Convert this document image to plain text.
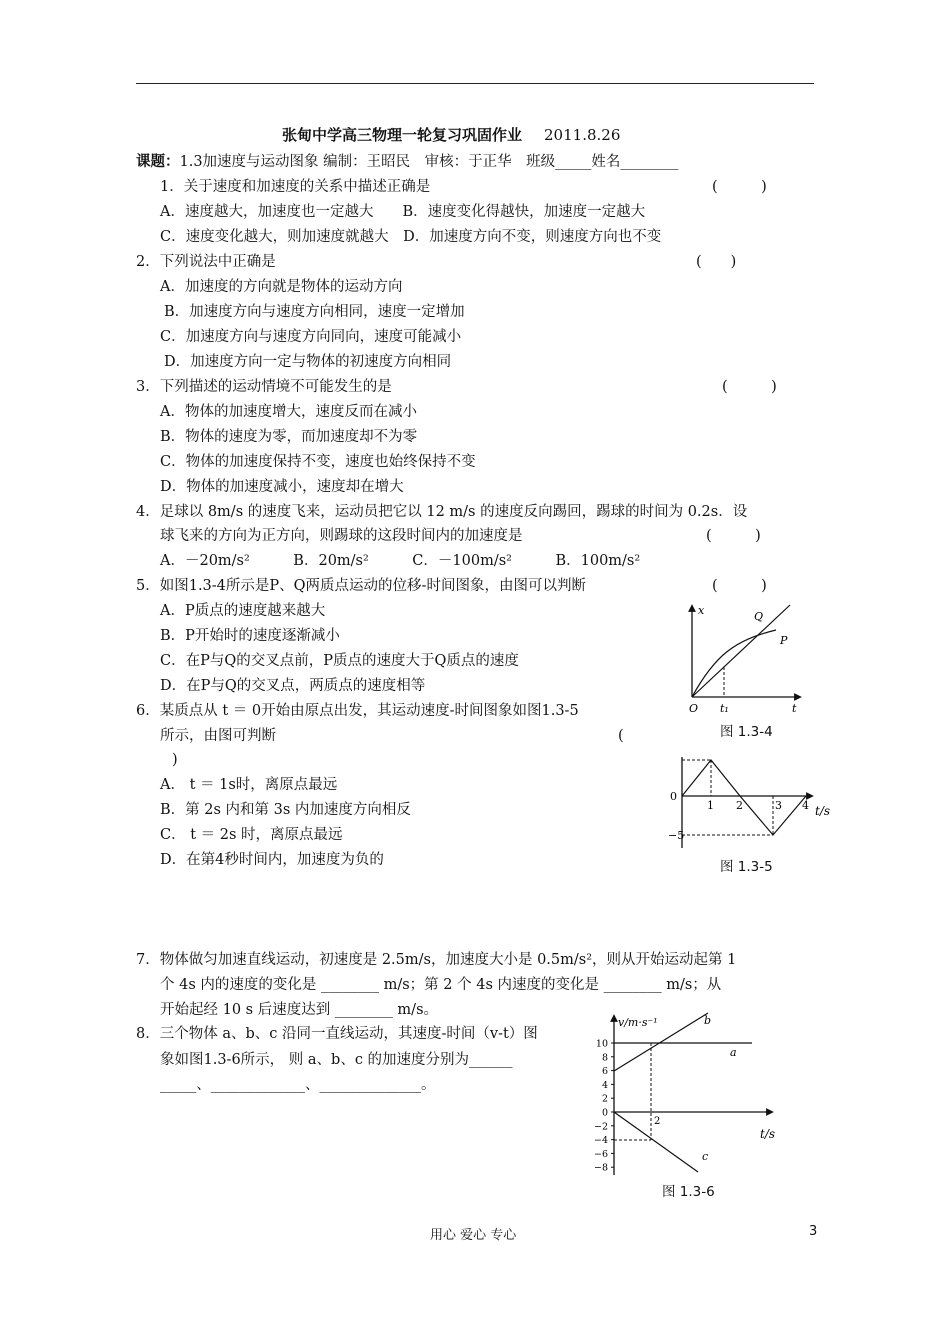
张甸中学高三物理一轮复习巩固作业 2011.8.26
课题：1.3加速度与运动图象 编制：王昭民　审核：于正华　班级_____姓名________
1．关于速度和加速度的关系中描述正确是	(　　　)
A．速度越大，加速度也一定越大　　B．速度变化得越快，加速度一定越大
C．速度变化越大，则加速度就越大　D．加速度方向不变，则速度方向也不变
2．下列说法中正确是	(　　)
A．加速度的方向就是物体的运动方向
B．加速度方向与速度方向相同，速度一定增加
C．加速度方向与速度方向同向，速度可能减小
D．加速度方向一定与物体的初速度方向相同
3．下列描述的运动情境不可能发生的是	(　　　)
A．物体的加速度增大，速度反而在减小
B．物体的速度为零，而加速度却不为零
C．物体的加速度保持不变，速度也始终保持不变
D．物体的加速度减小，速度却在增大
4．足球以 8m/s 的速度飞来，运动员把它以 12 m/s 的速度反向踢回，踢球的时间为 0.2s．设
球飞来的方向为正方向，则踢球的这段时间内的加速度是	(　　　)
A．－20m/s²　　　B．20m/s²　　　C．－100m/s²　　　B．100m/s²
5．如图1.3-4所示是P、Q两质点运动的位移-时间图象，由图可以判断	(　　　)
A．P质点的速度越来越大
B．P开始时的速度逐渐减小
C．在P与Q的交叉点前，P质点的速度大于Q质点的速度
D．在P与Q的交叉点，两质点的速度相等
6．某质点从 t ＝ 0开始由原点出发，其运动速度-时间图象如图1.3-5
所示，由图可判断	(
)
A． t ＝ 1s时，离原点最远
B．第 2s 内和第 3s 内加速度方向相反
C． t ＝ 2s 时，离原点最远
D．在第4秒时间内，加速度为负的
7．物体做匀加速直线运动，初速度是 2.5m/s，加速度大小是 0.5m/s²，则从开始运动起第 1
个 4s 内的速度的变化是 ________ m/s；第 2 个 4s 内速度的变化是 ________ m/s；从
开始起经 10 s 后速度达到 ________ m/s。
8．三个物体 a、b、c 沿同一直线运动，其速度-时间（v-t）图
象如图1.3-6所示， 则 a、b、c 的加速度分别为______
_____、_____________、______________。
x
t
O t₁
P
Q
图 1.3-4
0
1 2	3 4 t/s
−5
图 1.3-5
10
8
6
4
2
0
−2
−4
−6
−8
v/m·s⁻¹
t/s
b
a
c
2
图 1.3-6
用心 爱心 专心	3
